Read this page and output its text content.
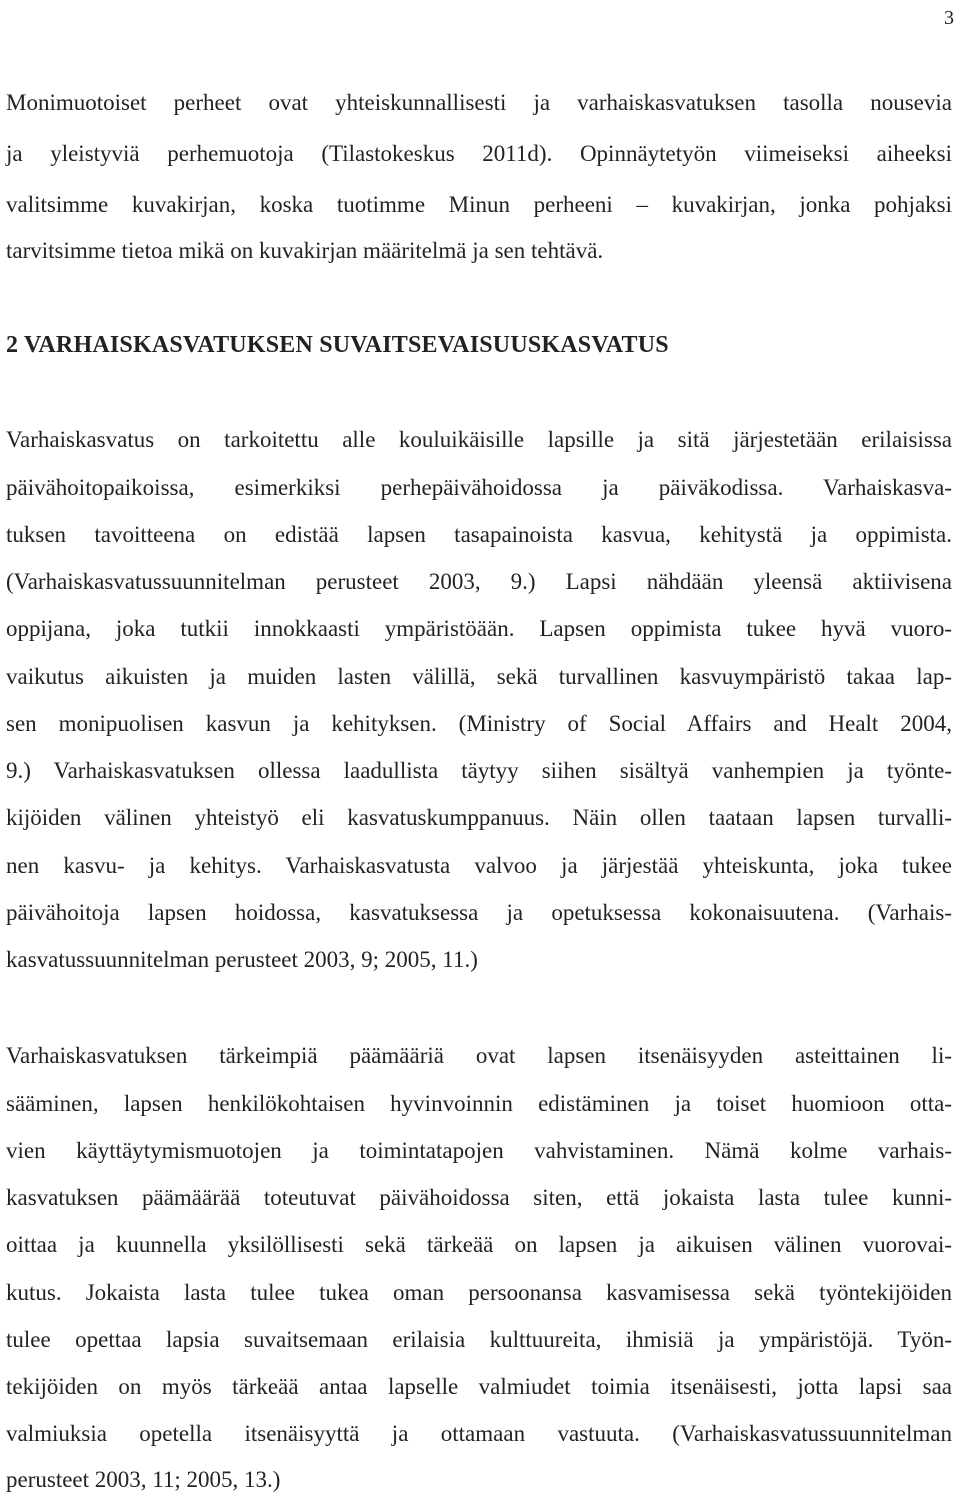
3
Monimuotoiset perheet ovat yhteiskunnallisesti ja varhaiskasvatuksen tasolla nousevia
ja yleistyviä perhemuotoja (Tilastokeskus 2011d). Opinnäytetyön viimeiseksi aiheeksi
valitsimme kuvakirjan, koska tuotimme Minun perheeni – kuvakirjan, jonka pohjaksi
tarvitsimme tietoa mikä on kuvakirjan määritelmä ja sen tehtävä.
2 VARHAISKASVATUKSEN SUVAITSEVAISUUSKASVATUS
Varhaiskasvatus on tarkoitettu alle kouluikäisille lapsille ja sitä järjestetään erilaisissa
päivähoitopaikoissa, esimerkiksi perhepäivähoidossa ja päiväkodissa. Varhaiskasva-
tuksen tavoitteena on edistää lapsen tasapainoista kasvua, kehitystä ja oppimista.
(Varhaiskasvatussuunnitelman perusteet 2003, 9.) Lapsi nähdään yleensä aktiivisena
oppijana, joka tutkii innokkaasti ympäristöään. Lapsen oppimista tukee hyvä vuoro-
vaikutus aikuisten ja muiden lasten välillä, sekä turvallinen kasvuympäristö takaa lap-
sen monipuolisen kasvun ja kehityksen. (Ministry of Social Affairs and Healt 2004,
9.) Varhaiskasvatuksen ollessa laadullista täytyy siihen sisältyä vanhempien ja työnte-
kijöiden välinen yhteistyö eli kasvatuskumppanuus. Näin ollen taataan lapsen turvalli-
nen kasvu- ja kehitys. Varhaiskasvatusta valvoo ja järjestää yhteiskunta, joka tukee
päivähoitoja lapsen hoidossa, kasvatuksessa ja opetuksessa kokonaisuutena. (Varhais-
kasvatussuunnitelman perusteet 2003, 9; 2005, 11.)
Varhaiskasvatuksen tärkeimpiä päämääriä ovat lapsen itsenäisyyden asteittainen li-
sääminen, lapsen henkilökohtaisen hyvinvoinnin edistäminen ja toiset huomioon otta-
vien käyttäytymismuotojen ja toimintatapojen vahvistaminen. Nämä kolme varhais-
kasvatuksen päämäärää toteutuvat päivähoidossa siten, että jokaista lasta tulee kunni-
oittaa ja kuunnella yksilöllisesti sekä tärkeää on lapsen ja aikuisen välinen vuorovai-
kutus. Jokaista lasta tulee tukea oman persoonansa kasvamisessa sekä työntekijöiden
tulee opettaa lapsia suvaitsemaan erilaisia kulttuureita, ihmisiä ja ympäristöjä. Työn-
tekijöiden on myös tärkeää antaa lapselle valmiudet toimia itsenäisesti, jotta lapsi saa
valmiuksia opetella itsenäisyyttä ja ottamaan vastuuta. (Varhaiskasvatussuunnitelman
perusteet 2003, 11; 2005, 13.)
